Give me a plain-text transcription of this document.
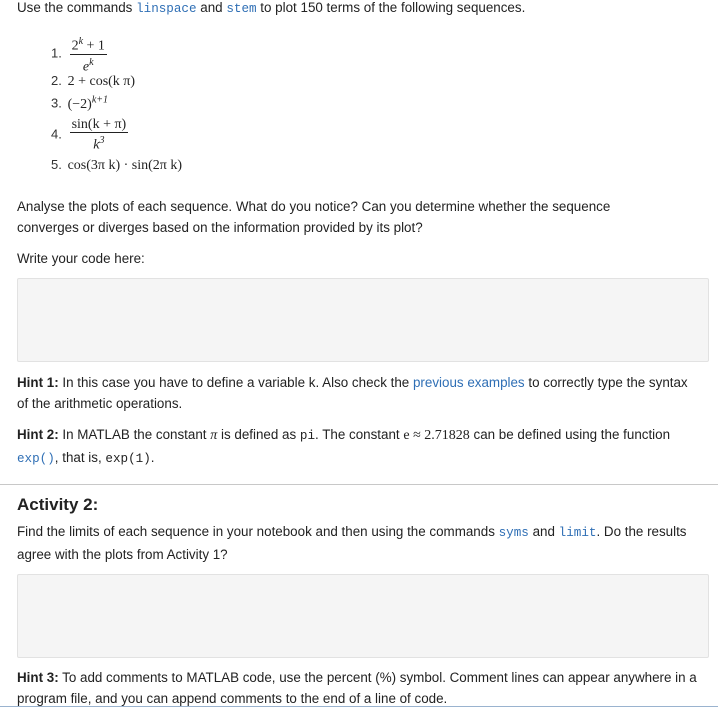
Use the commands linspace and stem to plot 150 terms of the following sequences.
1. $\frac{2^k + 1}{e^k}$
2. 2 + cos(k π)
3. $(-2)^{k+1}$
4. $\frac{\sin(k + \pi)}{k^3}$
5. cos(3π k) · sin(2π k)
Analyse the plots of each sequence. What do you notice? Can you determine whether the sequence converges or diverges based on the information provided by its plot?
Write your code here:
Hint 1: In this case you have to define a variable k. Also check the previous examples to correctly type the syntax of the arithmetic operations.
Hint 2: In MATLAB the constant π is defined as pi. The constant e ≈ 2.71828 can be defined using the function exp(), that is, exp(1).
Activity 2:
Find the limits of each sequence in your notebook and then using the commands syms and limit. Do the results agree with the plots from Activity 1?
Hint 3: To add comments to MATLAB code, use the percent (%) symbol. Comment lines can appear anywhere in a program file, and you can append comments to the end of a line of code.
